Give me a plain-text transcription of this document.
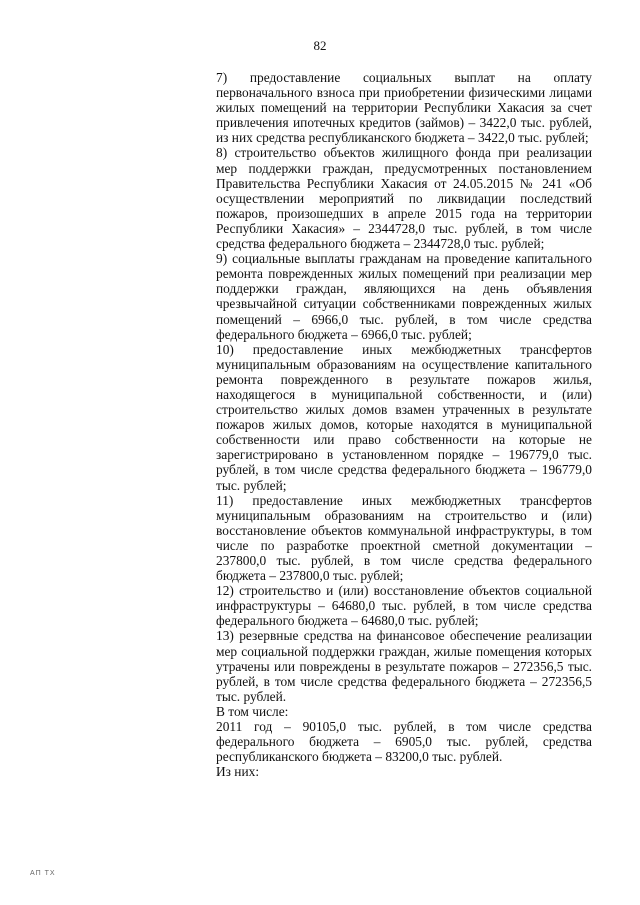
82

7) предоставление социальных выплат на оплату первоначального взноса при приобретении физическими лицами жилых помещений на территории Республики Хакасия за счет привлечения ипотечных кредитов (займов) – 3422,0 тыс. рублей, из них средства республиканского бюджета – 3422,0 тыс. рублей;

8) строительство объектов жилищного фонда при реализации мер поддержки граждан, предусмотренных постановлением Правительства Республики Хакасия от 24.05.2015 № 241 «Об осуществлении мероприятий по ликвидации последствий пожаров, произошедших в апреле 2015 года на территории Республики Хакасия» – 2344728,0 тыс. рублей, в том числе средства федерального бюджета – 2344728,0 тыс. рублей;

9) социальные выплаты гражданам на проведение капитального ремонта поврежденных жилых помещений при реализации мер поддержки граждан, являющихся на день объявления чрезвычайной ситуации собственниками поврежденных жилых помещений – 6966,0 тыс. рублей, в том числе средства федерального бюджета – 6966,0 тыс. рублей;

10) предоставление иных межбюджетных трансфертов муниципальным образованиям на осуществление капитального ремонта поврежденного в результате пожаров жилья, находящегося в муниципальной собственности, и (или) строительство жилых домов взамен утраченных в результате пожаров жилых домов, которые находятся в муниципальной собственности или право собственности на которые не зарегистрировано в установленном порядке – 196779,0 тыс. рублей, в том числе средства федерального бюджета – 196779,0 тыс. рублей;

11) предоставление иных межбюджетных трансфертов муниципальным образованиям на строительство и (или) восстановление объектов коммунальной инфраструктуры, в том числе по разработке проектной сметной документации – 237800,0 тыс. рублей, в том числе средства федерального бюджета – 237800,0 тыс. рублей;

12) строительство и (или) восстановление объектов социальной инфраструктуры – 64680,0 тыс. рублей, в том числе средства федерального бюджета – 64680,0 тыс. рублей;

13) резервные средства на финансовое обеспечение реализации мер социальной поддержки граждан, жилые помещения которых утрачены или повреждены в результате пожаров – 272356,5 тыс. рублей, в том числе средства федерального бюджета – 272356,5 тыс. рублей.

В том числе:

2011 год – 90105,0 тыс. рублей, в том числе средства федерального бюджета – 6905,0 тыс. рублей, средства республиканского бюджета – 83200,0 тыс. рублей.

Из них:

АП ТХ
